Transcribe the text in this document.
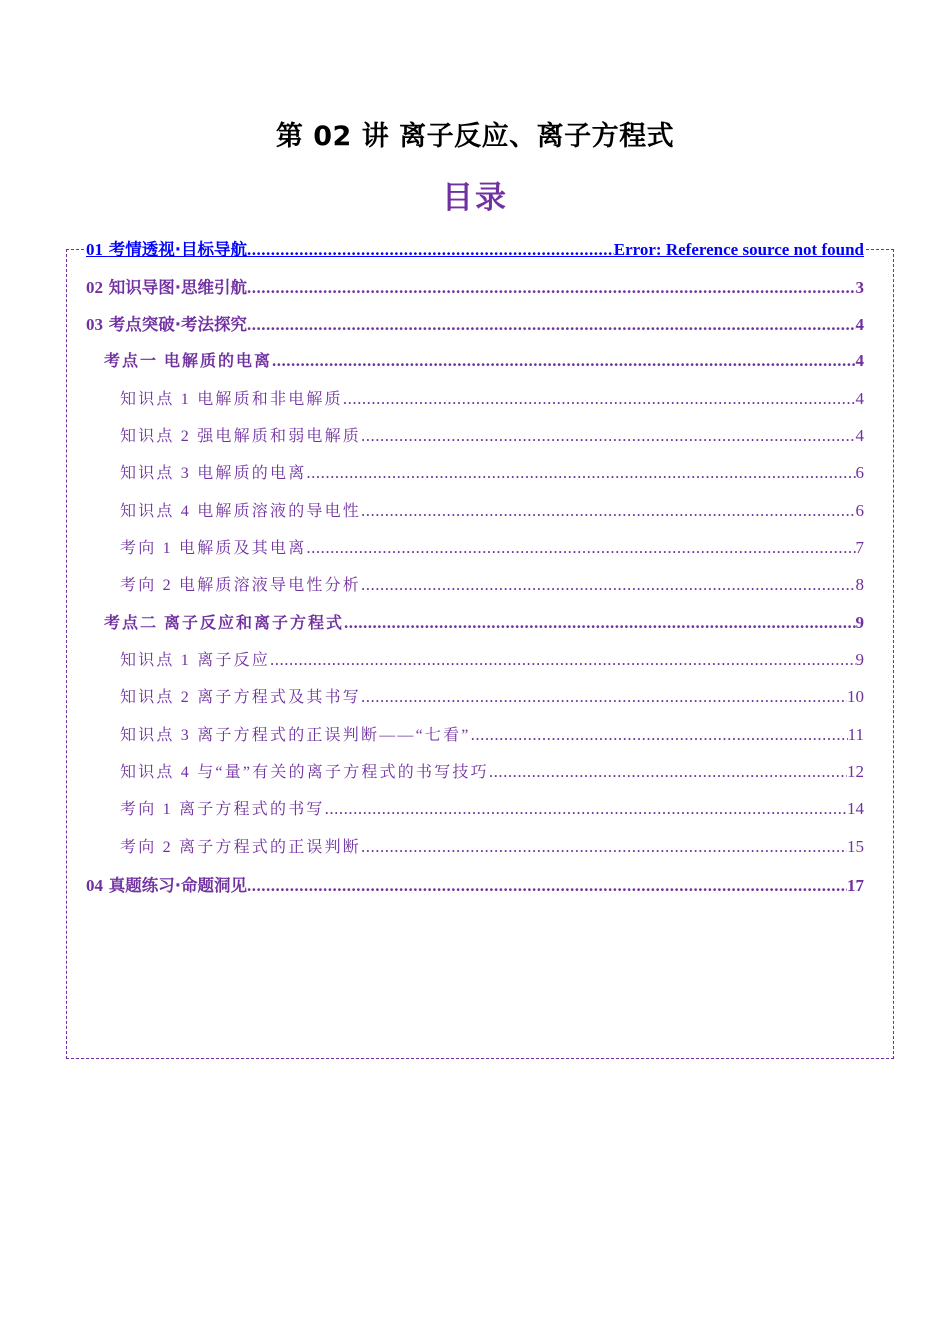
第 02 讲 离子反应、离子方程式
目录
01 考情透视·目标导航 .....	Error: Reference source not found
02 知识导图·思维引航 .....	3
03 考点突破·考法探究 .....	4
考点一 电解质的电离 .....	4
知识点 1 电解质和非电解质 .....	4
知识点 2 强电解质和弱电解质 .....	4
知识点 3 电解质的电离 .....	6
知识点 4 电解质溶液的导电性 .....	6
考向 1 电解质及其电离 .....	7
考向 2 电解质溶液导电性分析 .....	8
考点二 离子反应和离子方程式 .....	9
知识点 1 离子反应 .....	9
知识点 2 离子方程式及其书写 .....	10
知识点 3 离子方程式的正误判断——“七看” .....	11
知识点 4 与“量”有关的离子方程式的书写技巧 .....	12
考向 1 离子方程式的书写 .....	14
考向 2 离子方程式的正误判断 .....	15
04 真题练习·命题洞见 .....	17
